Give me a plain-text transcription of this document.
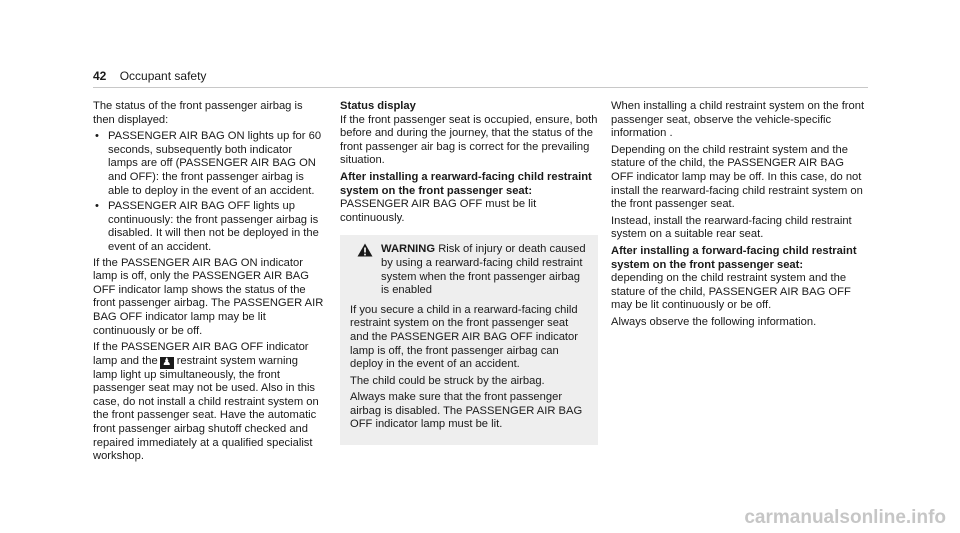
42 Occupant safety

The status of the front passenger airbag is then displayed:

• PASSENGER AIR BAG ON lights up for 60 seconds, subsequently both indicator lamps are off (PASSENGER AIR BAG ON and OFF): the front passenger airbag is able to deploy in the event of an accident.

• PASSENGER AIR BAG OFF lights up continuously: the front passenger airbag is disabled. It will then not be deployed in the event of an accident.

If the PASSENGER AIR BAG ON indicator lamp is off, only the PASSENGER AIR BAG OFF indicator lamp shows the status of the front passenger airbag. The PASSENGER AIR BAG OFF indicator lamp may be lit continuously or be off.

If the PASSENGER AIR BAG OFF indicator lamp and the ♟ restraint system warning lamp light up simultaneously, the front passenger seat may not be used. Also in this case, do not install a child restraint system on the front passenger seat. Have the automatic front passenger airbag shutoff checked and repaired immediately at a qualified specialist workshop.

Status display

If the front passenger seat is occupied, ensure, both before and during the journey, that the status of the front passenger air bag is correct for the prevailing situation.

After installing a rearward-facing child restraint system on the front passenger seat:

PASSENGER AIR BAG OFF must be lit continuously.

WARNING Risk of injury or death caused by using a rearward-facing child restraint system when the front passenger airbag is enabled

If you secure a child in a rearward-facing child restraint system on the front passenger seat and the PASSENGER AIR BAG OFF indicator lamp is off, the front passenger airbag can deploy in the event of an accident.

The child could be struck by the airbag.

Always make sure that the front passenger airbag is disabled. The PASSENGER AIR BAG OFF indicator lamp must be lit.

When installing a child restraint system on the front passenger seat, observe the vehicle-specific information .

Depending on the child restraint system and the stature of the child, the PASSENGER AIR BAG OFF indicator lamp may be off. In this case, do not install the rearward-facing child restraint system on the front passenger seat.

Instead, install the rearward-facing child restraint system on a suitable rear seat.

After installing a forward-facing child restraint system on the front passenger seat:

depending on the child restraint system and the stature of the child, PASSENGER AIR BAG OFF may be lit continuously or be off.

Always observe the following information.

carmanualsonline.info
